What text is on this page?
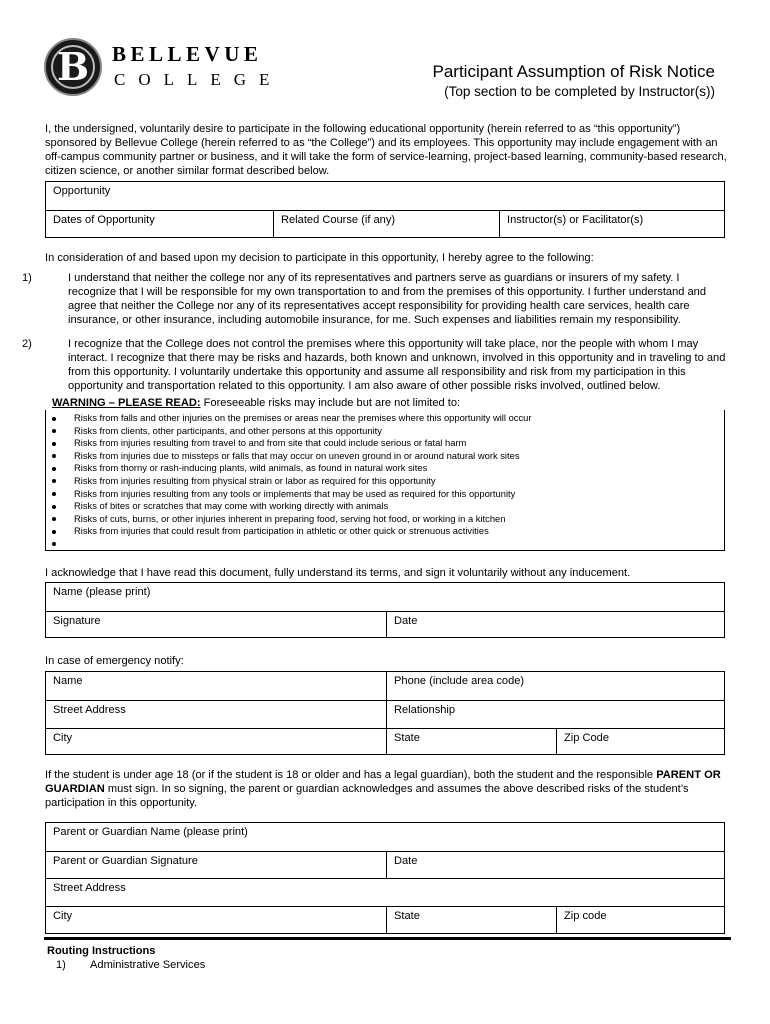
B	BELLEVUE
COLLEGE	Participant Assumption of Risk Notice
(Top section to be completed by Instructor(s))

I, the undersigned, voluntarily desire to participate in the following educational opportunity (herein referred to as “this opportunity”) sponsored by Bellevue College (herein referred to as “the College”) and its employees. This opportunity may include engagement with an off-campus community partner or business, and it will take the form of service-learning, project-based learning, community-based research, citizen science, or another similar format described below.

Opportunity
Dates of Opportunity	Related Course (if any)	Instructor(s) or Facilitator(s)

In consideration of and based upon my decision to participate in this opportunity, I hereby agree to the following:

1)	I understand that neither the college nor any of its representatives and partners serve as guardians or insurers of my safety. I recognize that I will be responsible for my own transportation to and from the premises of this opportunity. I further understand and agree that neither the College nor any of its representatives accept responsibility for providing health care services, health care insurance, or other insurance, including automobile insurance, for me. Such expenses and liabilities remain my responsibility.
2)	I recognize that the College does not control the premises where this opportunity will take place, nor the people with whom I may interact. I recognize that there may be risks and hazards, both known and unknown, involved in this opportunity and in traveling to and from this opportunity. I voluntarily undertake this opportunity and assume all responsibility and risk from my participation in this opportunity and transportation related to this opportunity. I am also aware of other possible risks involved, outlined below.
WARNING – PLEASE READ: Foreseeable risks may include but are not limited to:
Risks from falls and other injuries on the premises or areas near the premises where this opportunity will occur
Risks from clients, other participants, and other persons at this opportunity
Risks from injuries resulting from travel to and from site that could include serious or fatal harm
Risks from injuries due to missteps or falls that may occur on uneven ground in or around natural work sites
Risks from thorny or rash-inducing plants, wild animals, as found in natural work sites
Risks from injuries resulting from physical strain or labor as required for this opportunity
Risks from injuries resulting from any tools or implements that may be used as required for this opportunity
Risks of bites or scratches that may come with working directly with animals
Risks of cuts, burns, or other injuries inherent in preparing food, serving hot food, or working in a kitchen
Risks from injuries that could result from participation in athletic or other quick or strenuous activities

I acknowledge that I have read this document, fully understand its terms, and sign it voluntarily without any inducement.

Name (please print)
Signature	Date

In case of emergency notify:

Name	Phone (include area code)
Street Address	Relationship
City	State	Zip Code

If the student is under age 18 (or if the student is 18 or older and has a legal guardian), both the student and the responsible PARENT OR GUARDIAN must sign. In so signing, the parent or guardian acknowledges and assumes the above described risks of the student’s participation in this opportunity.

Parent or Guardian Name (please print)
Parent or Guardian Signature	Date
Street Address
City	State	Zip code
Routing Instructions
1) Administrative Services
